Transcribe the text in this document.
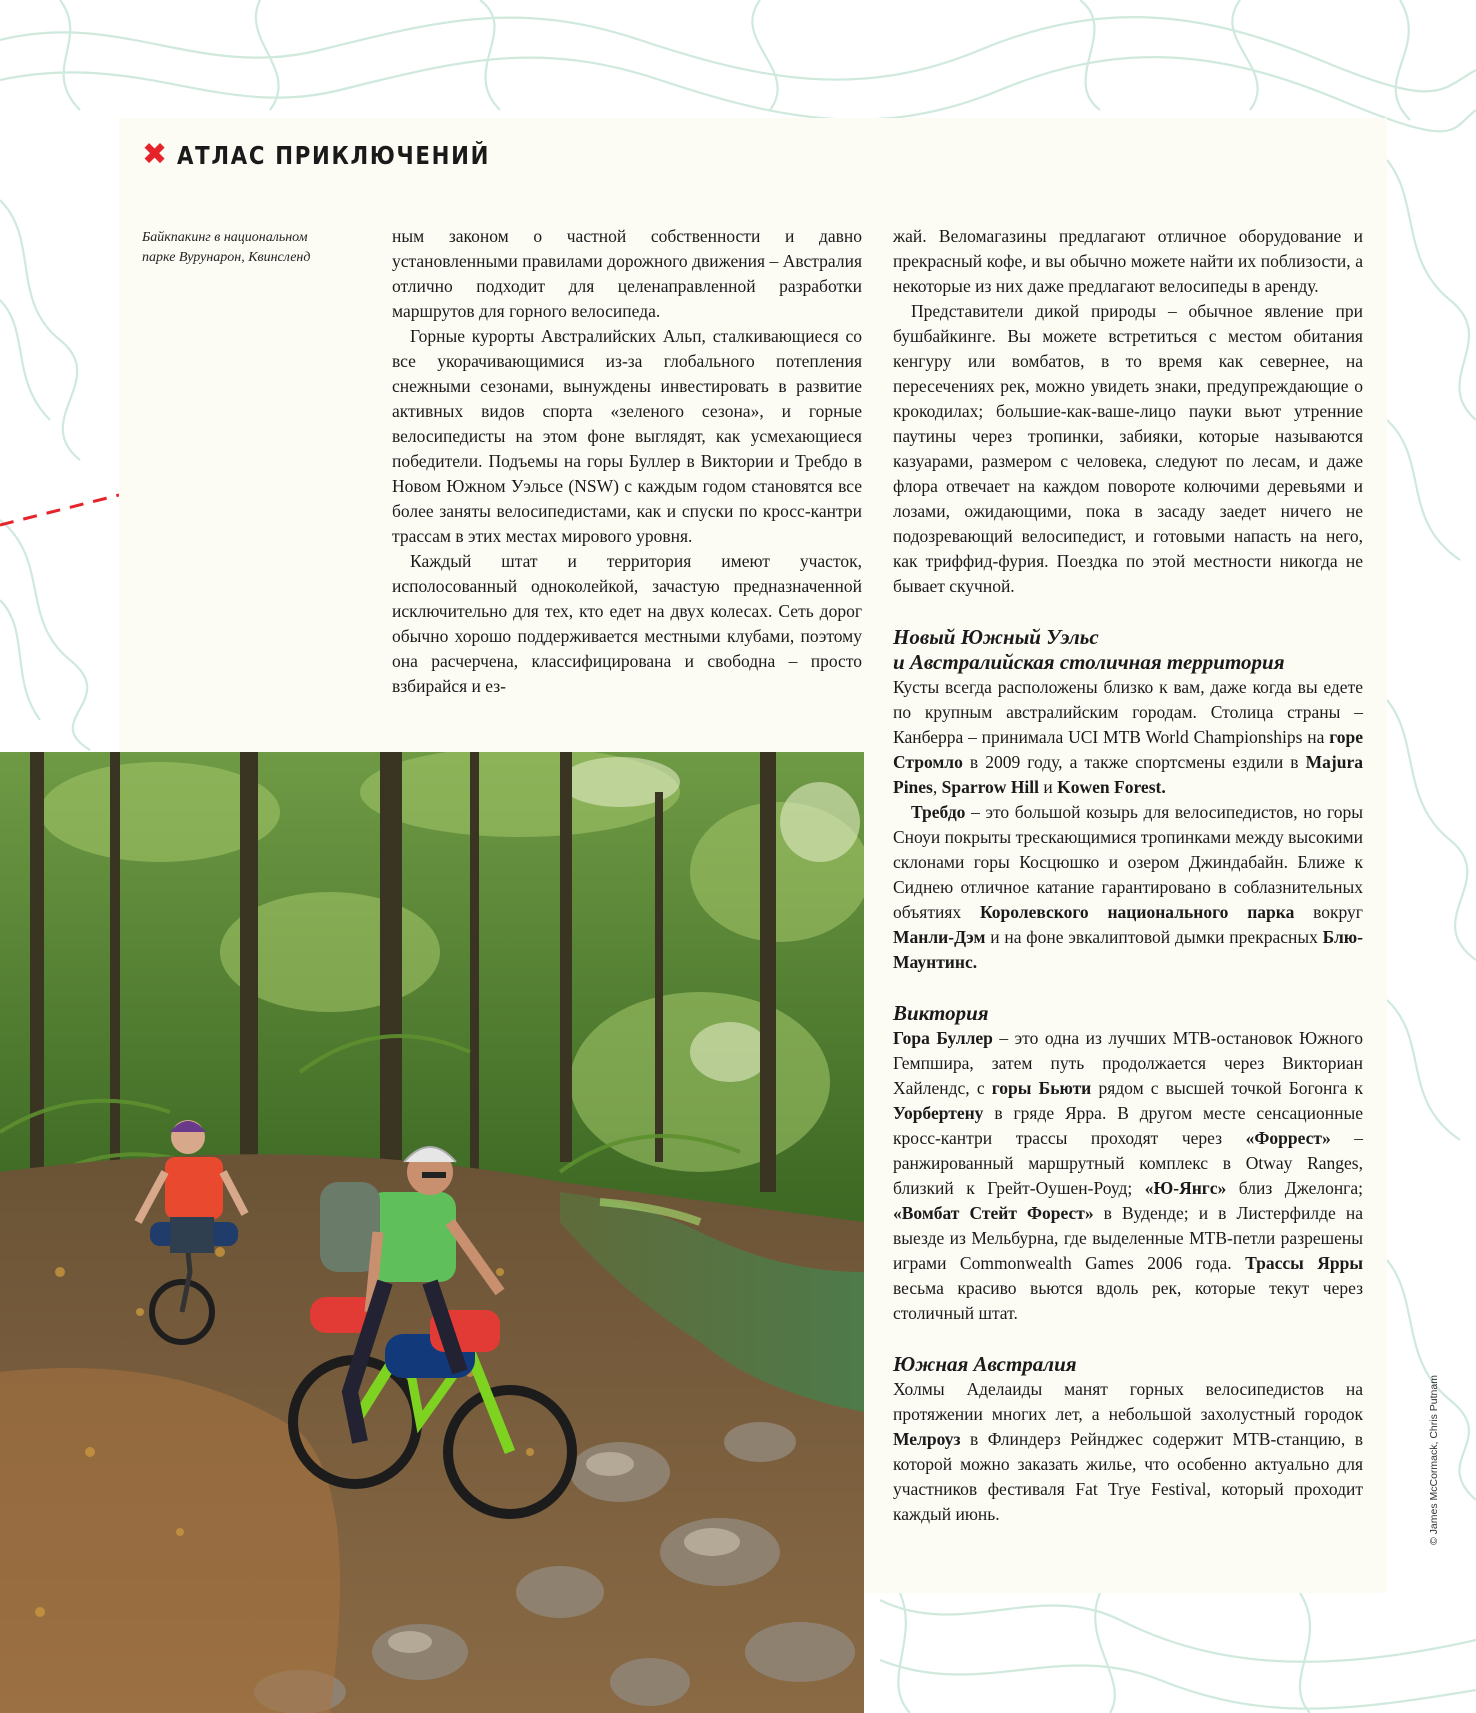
✖ АТЛАС ПРИКЛЮЧЕНИЙ
Байкпакинг в национальном
парке Вурунарон, Квинсленд

ным законом о частной собственности и давно установленными правилами дорожного движения – Австралия отлично подходит для целенаправленной разработки маршрутов для горного велосипеда.

Горные курорты Австралийских Альп, сталкивающиеся со все укорачивающимися из-за глобального потепления снежными сезонами, вынуждены инвестировать в развитие активных видов спорта «зеленого сезона», и горные велосипедисты на этом фоне выглядят, как усмехающиеся победители. Подъемы на горы Буллер в Виктории и Требдо в Новом Южном Уэльсе (NSW) с каждым годом становятся все более заняты велосипедистами, как и спуски по кросс-кантри трассам в этих местах мирового уровня.

Каждый штат и территория имеют участок, исполосованный одноколейкой, зачастую предназначенной исключительно для тех, кто едет на двух колесах. Сеть дорог обычно хорошо поддерживается местными клубами, поэтому она расчерчена, классифицирована и свободна – просто взбирайся и ез-

жай. Веломагазины предлагают отличное оборудование и прекрасный кофе, и вы обычно можете найти их поблизости, а некоторые из них даже предлагают велосипеды в аренду.

Представители дикой природы – обычное явление при бушбайкинге. Вы можете встретиться с местом обитания кенгуру или вомбатов, в то время как севернее, на пересечениях рек, можно увидеть знаки, предупреждающие о крокодилах; большие-как-ваше-лицо пауки вьют утренние паутины через тропинки, забияки, которые называются казуарами, размером с человека, следуют по лесам, и даже флора отвечает на каждом повороте колючими деревьями и лозами, ожидающими, пока в засаду заедет ничего не подозревающий велосипедист, и готовыми напасть на него, как триффид-фурия. Поездка по этой местности никогда не бывает скучной.

Новый Южный Уэльс
и Австралийская столичная территория

Кусты всегда расположены близко к вам, даже когда вы едете по крупным австралийским городам. Столица страны – Канберра – принимала UCI MTB World Championships на горе Стромло в 2009 году, а также спортсмены ездили в Majura Pines, Sparrow Hill и Kowen Forest.

Требдо – это большой козырь для велосипедистов, но горы Сноуи покрыты трескающимися тропинками между высокими склонами горы Косцюшко и озером Джиндабайн. Ближе к Сиднею отличное катание гарантировано в соблазнительных объятиях Королевского национального парка вокруг Манли-Дэм и на фоне эвкалиптовой дымки прекрасных Блю-Маунтинс.

Виктория

Гора Буллер – это одна из лучших МТВ-остановок Южного Гемпшира, затем путь продолжается через Викториан Хайлендс, с горы Бьюти рядом с высшей точкой Богонга к Уорбертену в гряде Ярра. В другом месте сенсационные кросс-кантри трассы проходят через «Форрест» – ранжированный маршрутный комплекс в Otway Ranges, близкий к Грейт-Оушен-Роуд; «Ю-Янгс» близ Джелонга; «Вомбат Стейт Форест» в Вуденде; и в Листерфилде на выезде из Мельбурна, где выделенные МТВ-петли разрешены играми Commonwealth Games 2006 года. Трассы Ярры весьма красиво вьются вдоль рек, которые текут через столичный штат.

Южная Австралия

Холмы Аделаиды манят горных велосипедистов на протяжении многих лет, а небольшой захолустный городок Мелроуз в Флиндерз Рейнджес содержит МТВ-станцию, в которой можно заказать жилье, что особенно актуально для участников фестиваля Fat Trye Festival, который проходит каждый июнь.	© James McCormack, Chris Putnam
